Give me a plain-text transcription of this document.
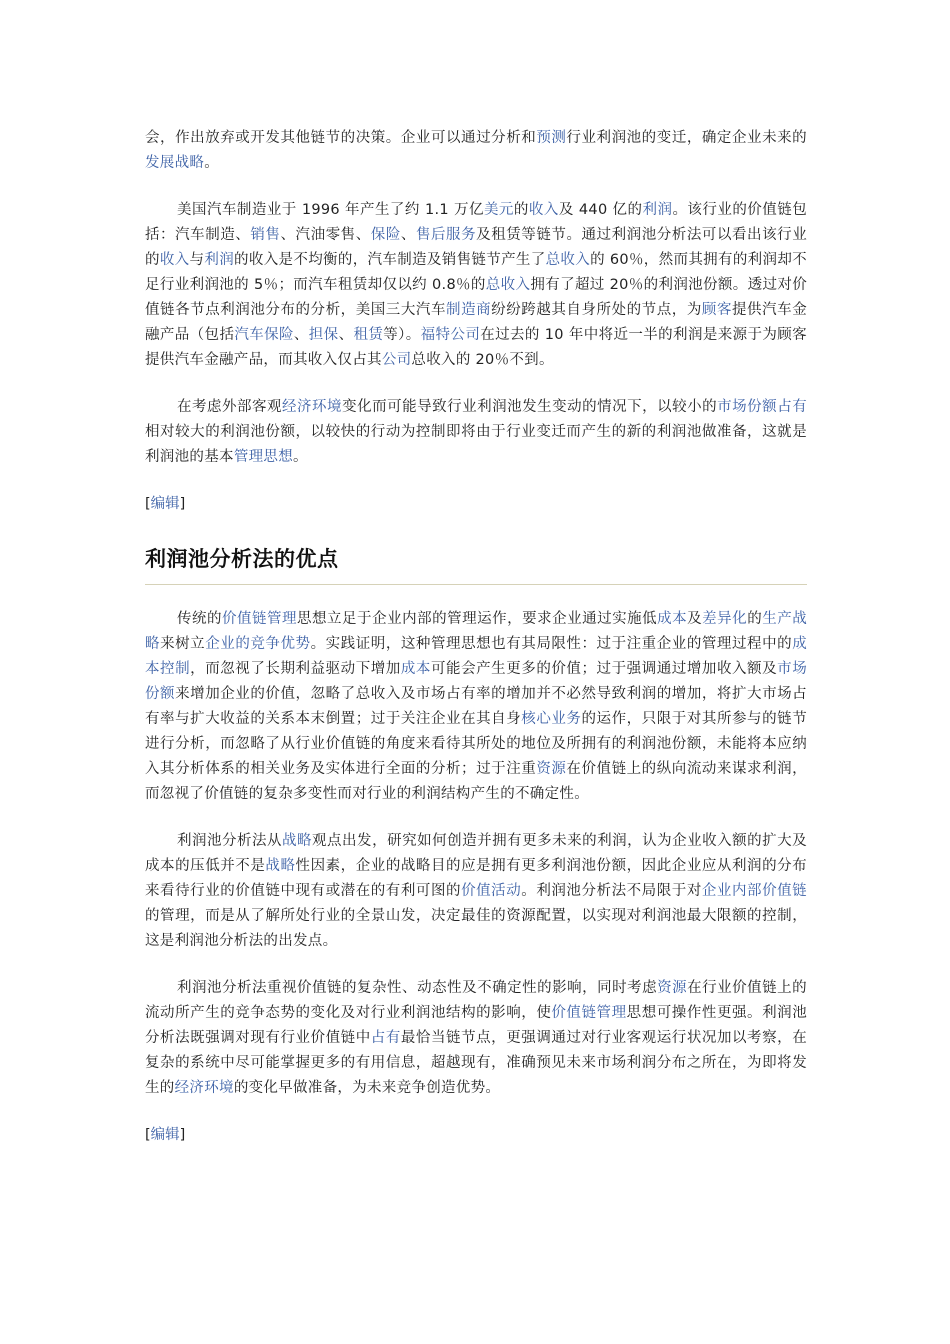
会，作出放弃或开发其他链节的决策。企业可以通过分析和预测行业利润池的变迁，确定企业未来的发展战略。

美国汽车制造业于 1996 年产生了约 1.1 万亿美元的收入及 440 亿的利润。该行业的价值链包括：汽车制造、销售、汽油零售、保险、售后服务及租赁等链节。通过利润池分析法可以看出该行业的收入与利润的收入是不均衡的，汽车制造及销售链节产生了总收入的 60％，然而其拥有的利润却不足行业利润池的 5％；而汽车租赁却仅以约 0.8％的总收入拥有了超过 20％的利润池份额。透过对价值链各节点利润池分布的分析，美国三大汽车制造商纷纷跨越其自身所处的节点，为顾客提供汽车金融产品（包括汽车保险、担保、租赁等）。福特公司在过去的 10 年中将近一半的利润是来源于为顾客提供汽车金融产品，而其收入仅占其公司总收入的 20％不到。

在考虑外部客观经济环境变化而可能导致行业利润池发生变动的情况下，以较小的市场份额占有相对较大的利润池份额，以较快的行动为控制即将由于行业变迁而产生的新的利润池做准备，这就是利润池的基本管理思想。

[编辑]
利润池分析法的优点

传统的价值链管理思想立足于企业内部的管理运作，要求企业通过实施低成本及差异化的生产战略来树立企业的竞争优势。实践证明，这种管理思想也有其局限性：过于注重企业的管理过程中的成本控制，而忽视了长期利益驱动下增加成本可能会产生更多的价值；过于强调通过增加收入额及市场份额来增加企业的价值，忽略了总收入及市场占有率的增加并不必然导致利润的增加，将扩大市场占有率与扩大收益的关系本末倒置；过于关注企业在其自身核心业务的运作，只限于对其所参与的链节进行分析，而忽略了从行业价值链的角度来看待其所处的地位及所拥有的利润池份额，未能将本应纳入其分析体系的相关业务及实体进行全面的分析；过于注重资源在价值链上的纵向流动来谋求利润，而忽视了价值链的复杂多变性而对行业的利润结构产生的不确定性。

利润池分析法从战略观点出发，研究如何创造并拥有更多未来的利润，认为企业收入额的扩大及成本的压低并不是战略性因素，企业的战略目的应是拥有更多利润池份额，因此企业应从利润的分布来看待行业的价值链中现有或潜在的有利可图的价值活动。利润池分析法不局限于对企业内部价值链的管理，而是从了解所处行业的全景山发，决定最佳的资源配置，以实现对利润池最大限额的控制，这是利润池分析法的出发点。

利润池分析法重视价值链的复杂性、动态性及不确定性的影响，同时考虑资源在行业价值链上的流动所产生的竞争态势的变化及对行业利润池结构的影响，使价值链管理思想可操作性更强。利润池分析法既强调对现有行业价值链中占有最恰当链节点，更强调通过对行业客观运行状况加以考察，在复杂的系统中尽可能掌握更多的有用信息，超越现有，准确预见未来市场利润分布之所在，为即将发生的经济环境的变化早做准备，为未来竞争创造优势。

[编辑]
